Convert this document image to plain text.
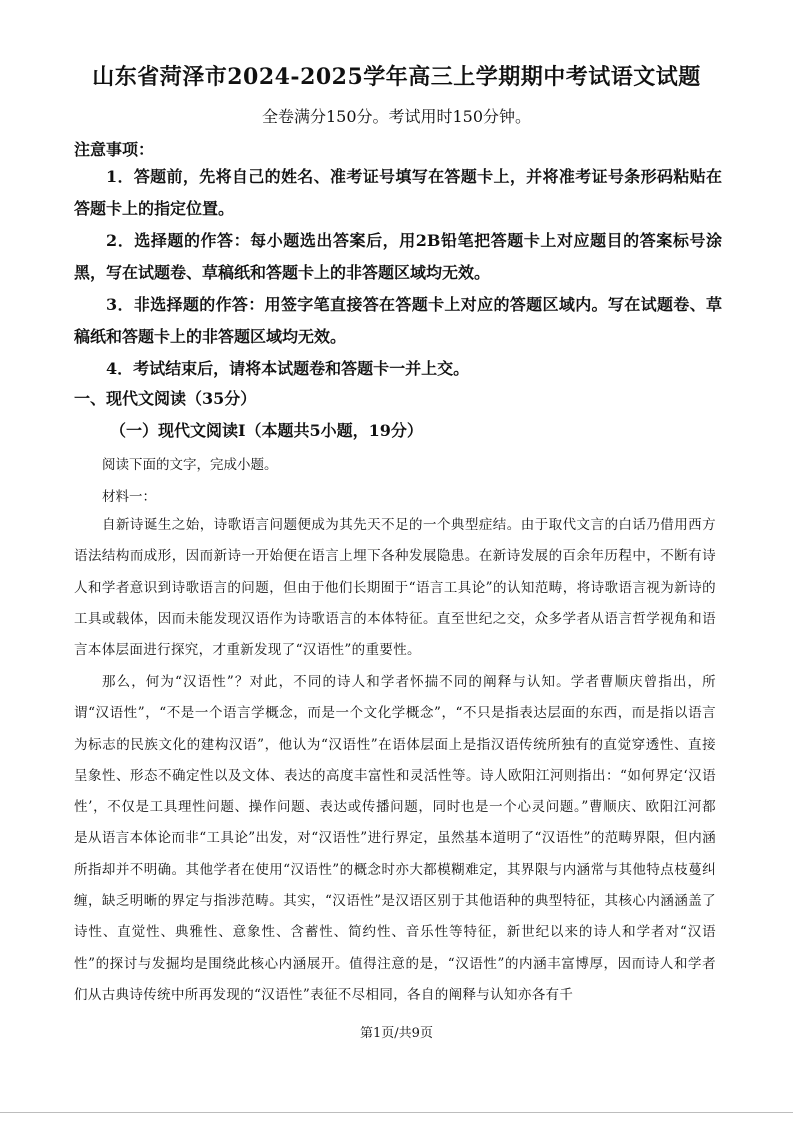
山东省菏泽市2024-2025学年高三上学期期中考试语文试题
全卷满分150分。考试用时150分钟。
注意事项：
1．答题前，先将自己的姓名、准考证号填写在答题卡上，并将准考证号条形码粘贴在答题卡上的指定位置。
2．选择题的作答：每小题选出答案后，用2B铅笔把答题卡上对应题目的答案标号涂黑，写在试题卷、草稿纸和答题卡上的非答题区域均无效。
3．非选择题的作答：用签字笔直接答在答题卡上对应的答题区域内。写在试题卷、草稿纸和答题卡上的非答题区域均无效。
4．考试结束后，请将本试题卷和答题卡一并上交。
一、现代文阅读（35分）
（一）现代文阅读Ⅰ（本题共5小题，19分）
阅读下面的文字，完成小题。
材料一：
自新诗诞生之始，诗歌语言问题便成为其先天不足的一个典型症结。由于取代文言的白话乃借用西方语法结构而成形，因而新诗一开始便在语言上埋下各种发展隐患。在新诗发展的百余年历程中，不断有诗人和学者意识到诗歌语言的问题，但由于他们长期囿于“语言工具论”的认知范畴，将诗歌语言视为新诗的工具或载体，因而未能发现汉语作为诗歌语言的本体特征。直至世纪之交，众多学者从语言哲学视角和语言本体层面进行探究，才重新发现了“汉语性”的重要性。
那么，何为“汉语性”？对此，不同的诗人和学者怀揣不同的阐释与认知。学者曹顺庆曾指出，所谓“汉语性”，“不是一个语言学概念，而是一个文化学概念”，“不只是指表达层面的东西，而是指以语言为标志的民族文化的建构汉语”，他认为“汉语性”在语体层面上是指汉语传统所独有的直觉穿透性、直接呈象性、形态不确定性以及文体、表达的高度丰富性和灵活性等。诗人欧阳江河则指出：“如何界定‘汉语性’，不仅是工具理性问题、操作问题、表达或传播问题，同时也是一个心灵问题。”曹顺庆、欧阳江河都是从语言本体论而非“工具论”出发，对“汉语性”进行界定，虽然基本道明了“汉语性”的范畴界限，但内涵所指却并不明确。其他学者在使用“汉语性”的概念时亦大都模糊难定，其界限与内涵常与其他特点枝蔓纠缠，缺乏明晰的界定与指涉范畴。其实，“汉语性”是汉语区别于其他语种的典型特征，其核心内涵涵盖了诗性、直觉性、典雅性、意象性、含蓄性、简约性、音乐性等特征，新世纪以来的诗人和学者对“汉语性”的探讨与发掘均是围绕此核心内涵展开。值得注意的是，“汉语性”的内涵丰富博厚，因而诗人和学者们从古典诗传统中所再发现的“汉语性”表征不尽相同，各自的阐释与认知亦各有千
第1页/共9页
